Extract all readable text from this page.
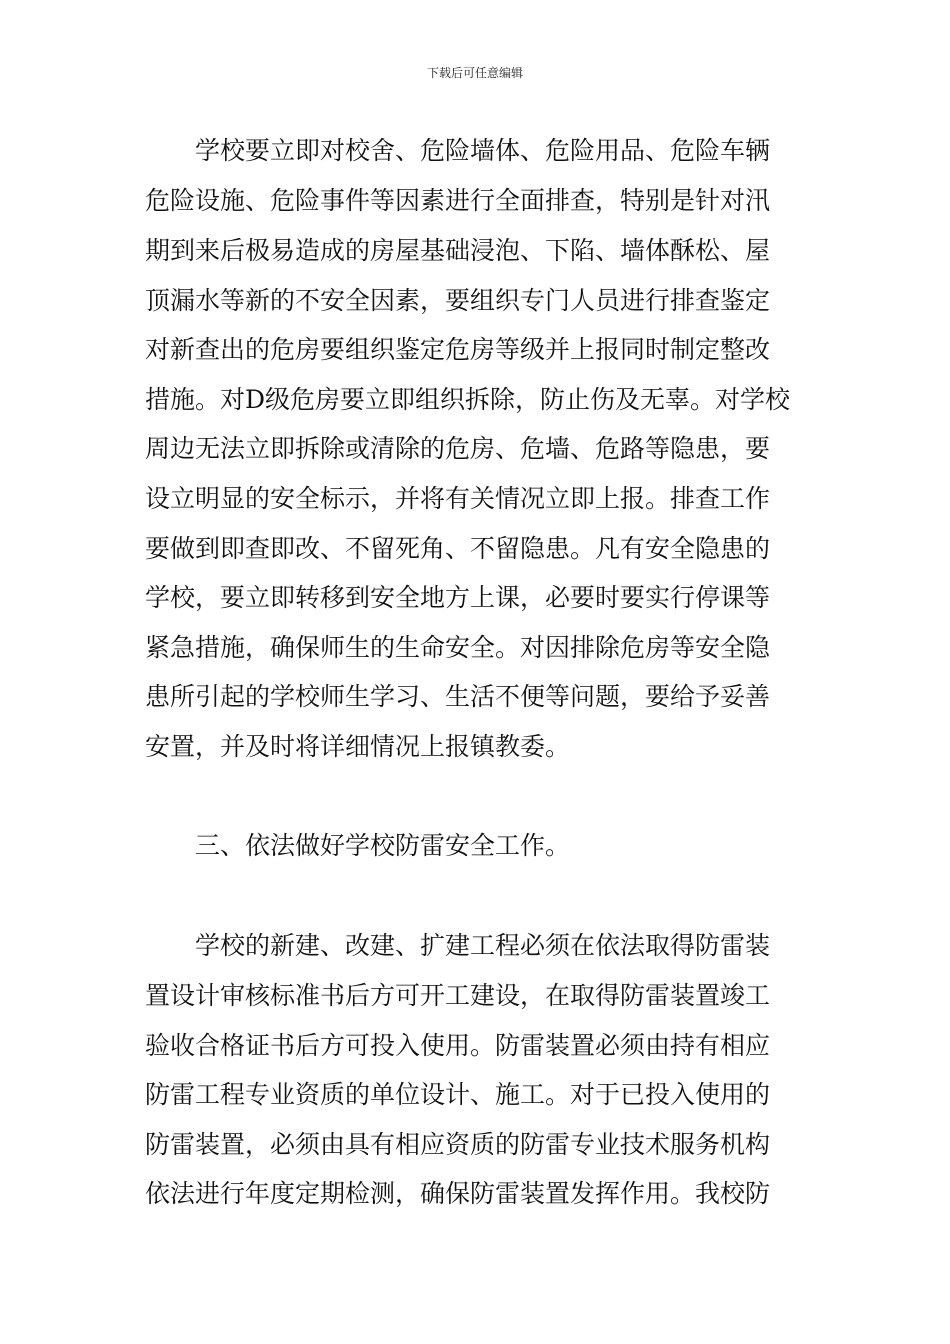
下载后可任意编辑
学校要立即对校舍、危险墙体、危险用品、危险车辆
危险设施、危险事件等因素进行全面排查，特别是针对汛
期到来后极易造成的房屋基础浸泡、下陷、墙体酥松、屋
顶漏水等新的不安全因素，要组织专门人员进行排查鉴定
对新查出的危房要组织鉴定危房等级并上报同时制定整改
措施。对D级危房要立即组织拆除，防止伤及无辜。对学校
周边无法立即拆除或清除的危房、危墙、危路等隐患，要
设立明显的安全标示，并将有关情况立即上报。排查工作
要做到即查即改、不留死角、不留隐患。凡有安全隐患的
学校，要立即转移到安全地方上课，必要时要实行停课等
紧急措施，确保师生的生命安全。对因排除危房等安全隐
患所引起的学校师生学习、生活不便等问题，要给予妥善
安置，并及时将详细情况上报镇教委。
三、依法做好学校防雷安全工作。
学校的新建、改建、扩建工程必须在依法取得防雷装
置设计审核标准书后方可开工建设，在取得防雷装置竣工
验收合格证书后方可投入使用。防雷装置必须由持有相应
防雷工程专业资质的单位设计、施工。对于已投入使用的
防雷装置，必须由具有相应资质的防雷专业技术服务机构
依法进行年度定期检测，确保防雷装置发挥作用。我校防
